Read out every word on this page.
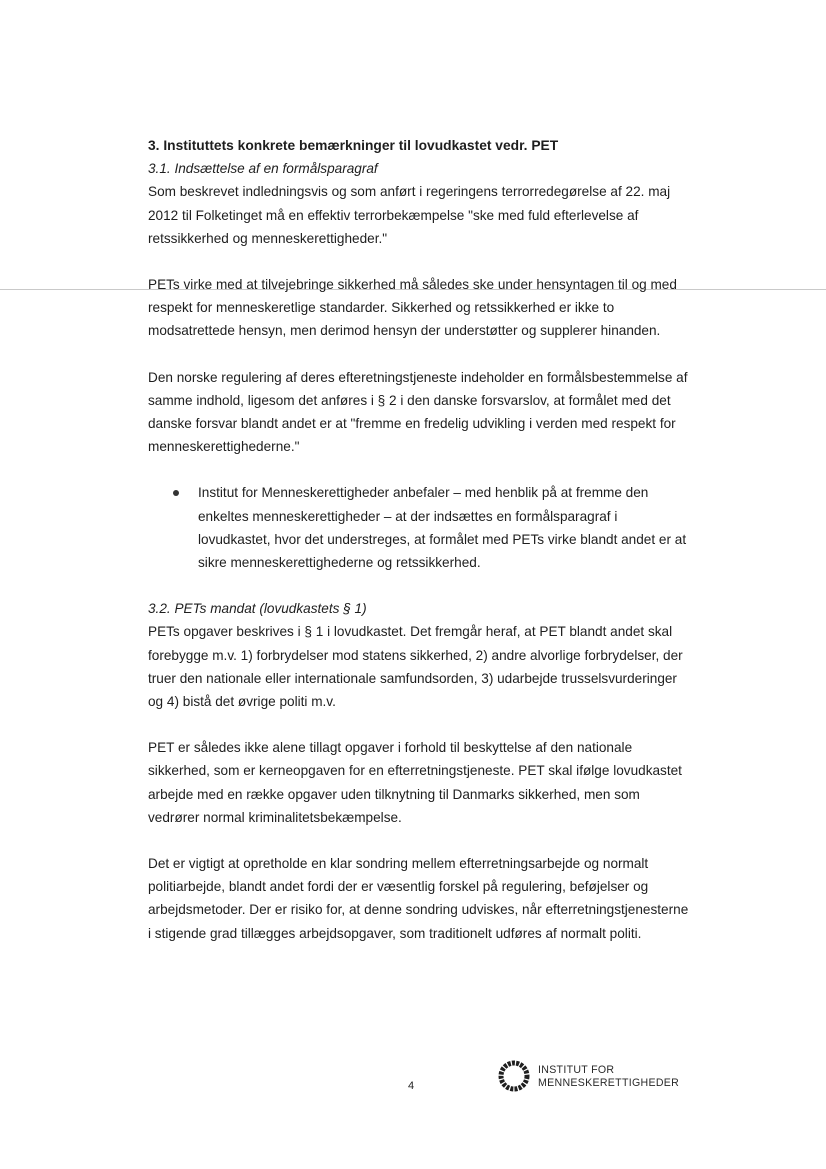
3. Instituttets konkrete bemærkninger til lovudkastet vedr. PET

3.1. Indsættelse af en formålsparagraf

Som beskrevet indledningsvis og som anført i regeringens terrorredegørelse af 22. maj 2012 til Folketinget må en effektiv terrorbekæmpelse "ske med fuld efterlevelse af retssikkerhed og menneskerettigheder."

PETs virke med at tilvejebringe sikkerhed må således ske under hensyntagen til og med respekt for menneskeretlige standarder. Sikkerhed og retssikkerhed er ikke to modsatrettede hensyn, men derimod hensyn der understøtter og supplerer hinanden.

Den norske regulering af deres efteretningstjeneste indeholder en formålsbestemmelse af samme indhold, ligesom det anføres i § 2 i den danske forsvarslov, at formålet med det danske forsvar blandt andet er at "fremme en fredelig udvikling i verden med respekt for menneskerettighederne."

Institut for Menneskerettigheder anbefaler – med henblik på at fremme den enkeltes menneskerettigheder – at der indsættes en formålsparagraf i lovudkastet, hvor det understreges, at formålet med PETs virke blandt andet er at sikre menneskerettighederne og retssikkerhed.

3.2. PETs mandat (lovudkastets § 1)

PETs opgaver beskrives i § 1 i lovudkastet. Det fremgår heraf, at PET blandt andet skal forebygge m.v. 1) forbrydelser mod statens sikkerhed, 2) andre alvorlige forbrydelser, der truer den nationale eller internationale samfundsorden, 3) udarbejde trusselsvurderinger og 4) bistå det øvrige politi m.v.

PET er således ikke alene tillagt opgaver i forhold til beskyttelse af den nationale sikkerhed, som er kerneopgaven for en efterretningstjeneste. PET skal ifølge lovudkastet arbejde med en række opgaver uden tilknytning til Danmarks sikkerhed, men som vedrører normal kriminalitetsbekæmpelse.

Det er vigtigt at opretholde en klar sondring mellem efterretningsarbejde og normalt politiarbejde, blandt andet fordi der er væsentlig forskel på regulering, beføjelser og arbejdsmetoder. Der er risiko for, at denne sondring udviskes, når efterretningstjenesterne i stigende grad tillægges arbejdsopgaver, som traditionelt udføres af normalt politi.

4
INSTITUT FOR
MENNESKERETTIGHEDER
